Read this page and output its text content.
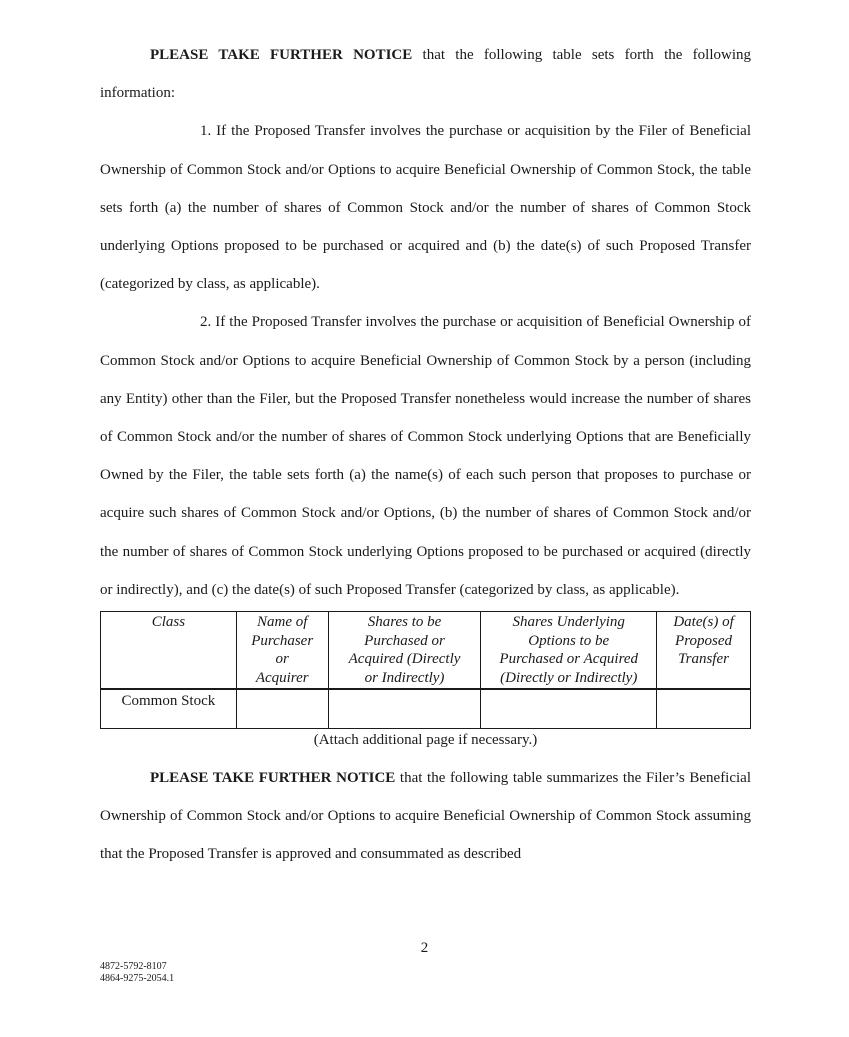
PLEASE TAKE FURTHER NOTICE that the following table sets forth the following information:

1. If the Proposed Transfer involves the purchase or acquisition by the Filer of Beneficial Ownership of Common Stock and/or Options to acquire Beneficial Ownership of Common Stock, the table sets forth (a) the number of shares of Common Stock and/or the number of shares of Common Stock underlying Options proposed to be purchased or acquired and (b) the date(s) of such Proposed Transfer (categorized by class, as applicable).

2. If the Proposed Transfer involves the purchase or acquisition of Beneficial Ownership of Common Stock and/or Options to acquire Beneficial Ownership of Common Stock by a person (including any Entity) other than the Filer, but the Proposed Transfer nonetheless would increase the number of shares of Common Stock and/or the number of shares of Common Stock underlying Options that are Beneficially Owned by the Filer, the table sets forth (a) the name(s) of each such person that proposes to purchase or acquire such shares of Common Stock and/or Options, (b) the number of shares of Common Stock and/or the number of shares of Common Stock underlying Options proposed to be purchased or acquired (directly or indirectly), and (c) the date(s) of such Proposed Transfer (categorized by class, as applicable).

Class	Name of
Purchaser
or
Acquirer	Shares to be
Purchased or
Acquired (Directly
or Indirectly)	Shares Underlying
Options to be
Purchased or Acquired
(Directly or Indirectly)	Date(s) of
Proposed
Transfer
Common Stock				
(Attach additional page if necessary.)

PLEASE TAKE FURTHER NOTICE that the following table summarizes the Filer’s Beneficial Ownership of Common Stock and/or Options to acquire Beneficial Ownership of Common Stock assuming that the Proposed Transfer is approved and consummated as described

2
4872-5792-8107
4864-9275-2054.1
